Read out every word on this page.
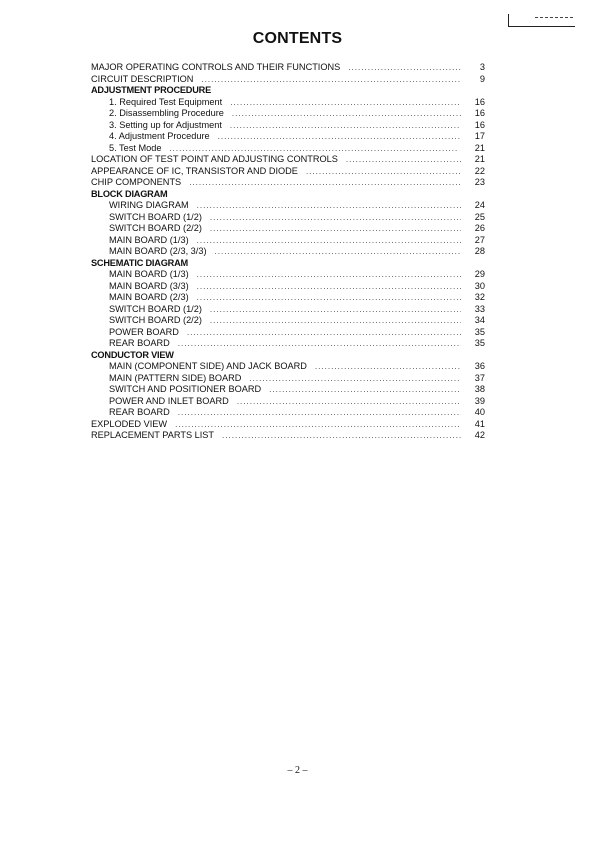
CONTENTS
MAJOR OPERATING CONTROLS AND THEIR FUNCTIONS . . .	3
CIRCUIT DESCRIPTION . . .	9
ADJUSTMENT PROCEDURE
1. Required Test Equipment . . .	16
2. Disassembling Procedure . . .	16
3. Setting up for Adjustment . . .	16
4. Adjustment Procedure . . .	17
5. Test Mode . . .	21
LOCATION OF TEST POINT AND ADJUSTING CONTROLS . . .	21
APPEARANCE OF IC, TRANSISTOR AND DIODE . . .	22
CHIP COMPONENTS . . .	23
BLOCK DIAGRAM
WIRING DIAGRAM . . .	24
SWITCH BOARD (1/2) . . .	25
SWITCH BOARD (2/2) . . .	26
MAIN BOARD (1/3) . . .	27
MAIN BOARD (2/3, 3/3) . . .	28
SCHEMATIC DIAGRAM
MAIN BOARD (1/3) . . .	29
MAIN BOARD (3/3) . . .	30
MAIN BOARD (2/3) . . .	32
SWITCH BOARD (1/2) . . .	33
SWITCH BOARD (2/2) . . .	34
POWER BOARD . . .	35
REAR BOARD . . .	35
CONDUCTOR VIEW
MAIN (COMPONENT SIDE) AND JACK BOARD . . .	36
MAIN (PATTERN SIDE) BOARD . . .	37
SWITCH AND POSITIONER BOARD . . .	38
POWER AND INLET BOARD . . .	39
REAR BOARD . . .	40
EXPLODED VIEW . . .	41
REPLACEMENT PARTS LIST . . .	42
– 2 –
